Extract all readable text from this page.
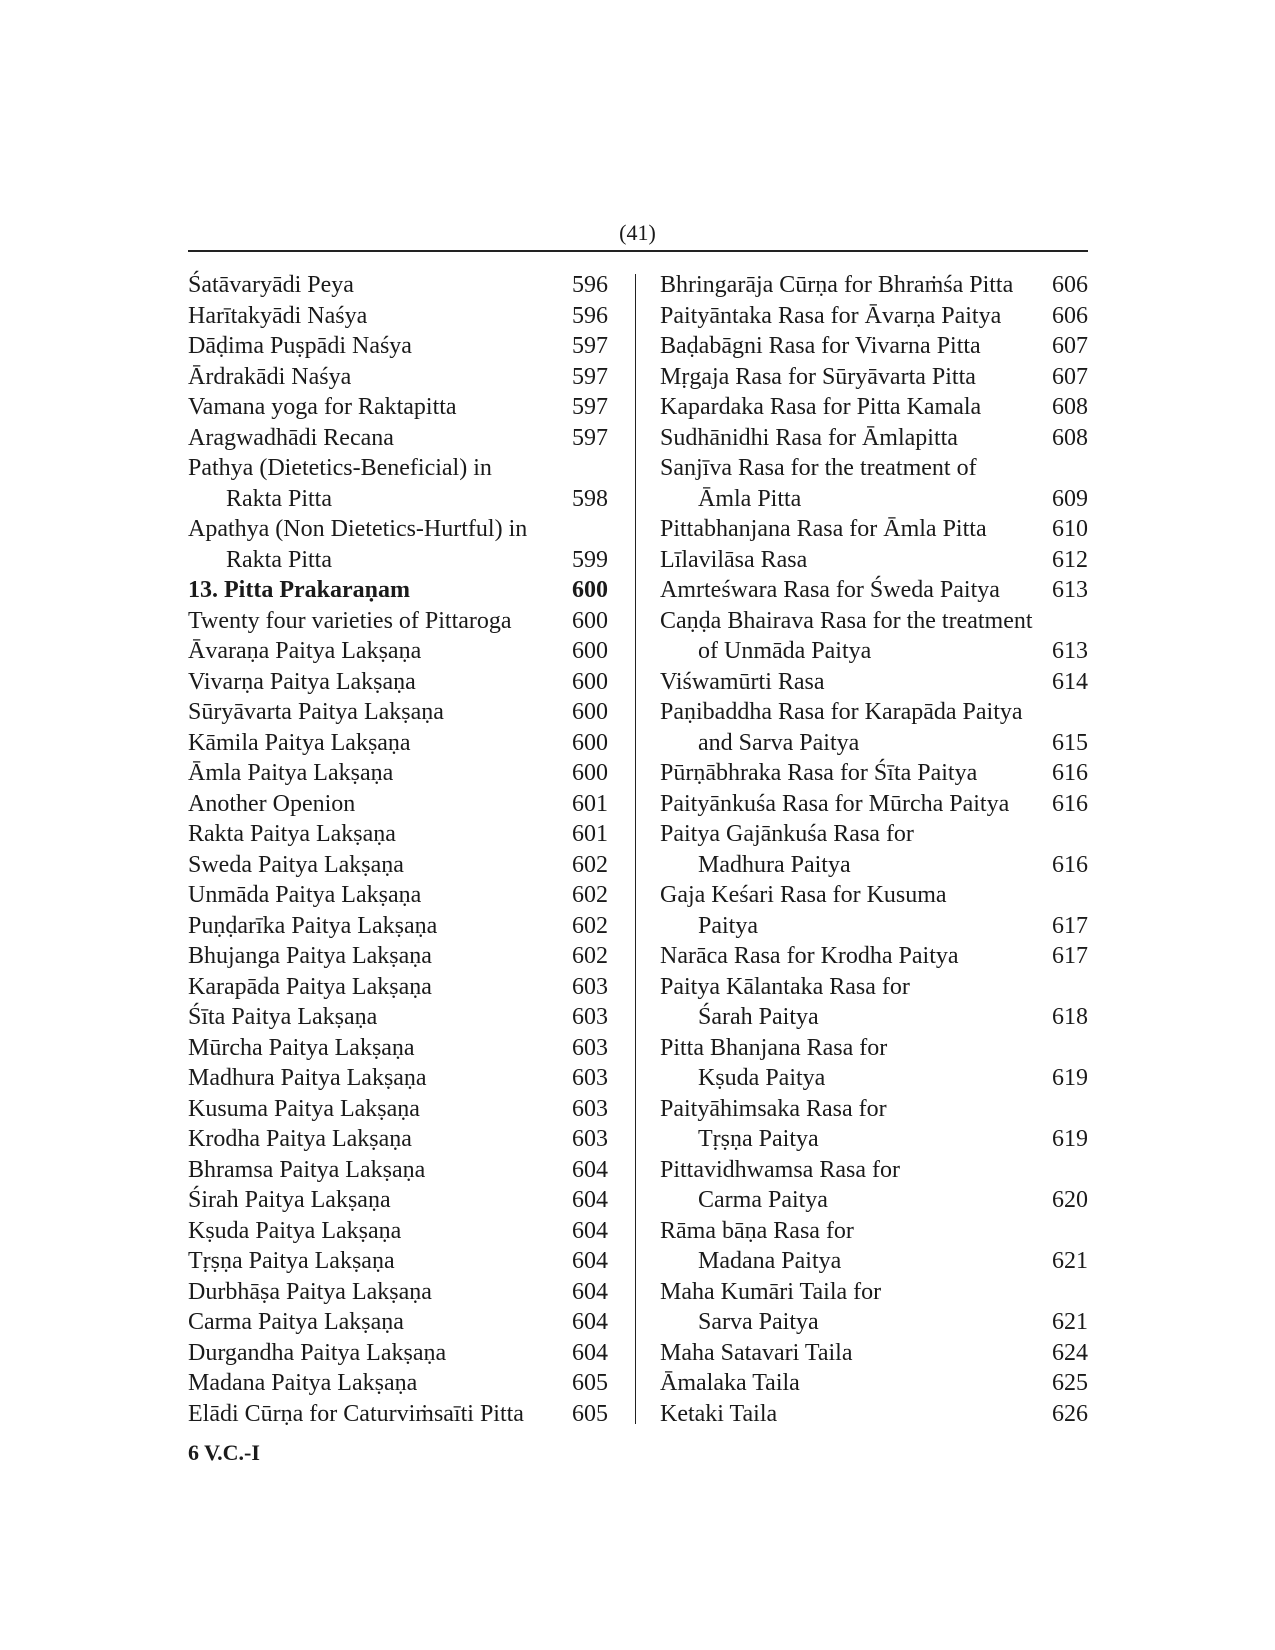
(41)
Śatāvaryādi Peya	596
Harītakyādi Naśya	596
Dāḍima Puṣpādi Naśya	597
Ārdrakādi Naśya	597
Vamana yoga for Raktapitta	597
Aragwadhādi Recana	597
Pathya (Dietetics-Beneficial) in
Rakta Pitta	598
Apathya (Non Dietetics-Hurtful) in
Rakta Pitta	599
13. Pitta Prakaraṇam	600
Twenty four varieties of Pittaroga	600
Āvaraṇa Paitya Lakṣaṇa	600
Vivarṇa Paitya Lakṣaṇa	600
Sūryāvarta Paitya Lakṣaṇa	600
Kāmila Paitya Lakṣaṇa	600
Āmla Paitya Lakṣaṇa	600
Another Openion	601
Rakta Paitya Lakṣaṇa	601
Sweda Paitya Lakṣaṇa	602
Unmāda Paitya Lakṣaṇa	602
Puṇḍarīka Paitya Lakṣaṇa	602
Bhujanga Paitya Lakṣaṇa	602
Karapāda Paitya Lakṣaṇa	603
Śīta Paitya Lakṣaṇa	603
Mūrcha Paitya Lakṣaṇa	603
Madhura Paitya Lakṣaṇa	603
Kusuma Paitya Lakṣaṇa	603
Krodha Paitya Lakṣaṇa	603
Bhramsa Paitya Lakṣaṇa	604
Śirah Paitya Lakṣaṇa	604
Kṣuda Paitya Lakṣaṇa	604
Tṛṣṇa Paitya Lakṣaṇa	604
Durbhāṣa Paitya Lakṣaṇa	604
Carma Paitya Lakṣaṇa	604
Durgandha Paitya Lakṣaṇa	604
Madana Paitya Lakṣaṇa	605
Elādi Cūrṇa for Caturviṁsaīti Pitta	605
Bhringarāja Cūrṇa for Bhraṁśa Pitta	606
Paityāntaka Rasa for Āvarṇa Paitya	606
Baḍabāgni Rasa for Vivarna Pitta	607
Mṛgaja Rasa for Sūryāvarta Pitta	607
Kapardaka Rasa for Pitta Kamala	608
Sudhānidhi Rasa for Āmlapitta	608
Sanjīva Rasa for the treatment of
Āmla Pitta	609
Pittabhanjana Rasa for Āmla Pitta	610
Līlavilāsa Rasa	612
Amrteśwara Rasa for Śweda Paitya	613
Caṇḍa Bhairava Rasa for the treatment
of Unmāda Paitya	613
Viśwamūrti Rasa	614
Paṇibaddha Rasa for Karapāda Paitya
and Sarva Paitya	615
Pūrṇābhraka Rasa for Śīta Paitya	616
Paityānkuśa Rasa for Mūrcha Paitya	616
Paitya Gajānkuśa Rasa for
Madhura Paitya	616
Gaja Keśari Rasa for Kusuma
Paitya	617
Narāca Rasa for Krodha Paitya	617
Paitya Kālantaka Rasa for
Śarah Paitya	618
Pitta Bhanjana Rasa for
Kṣuda Paitya	619
Paityāhimsaka Rasa for
Tṛṣṇa Paitya	619
Pittavidhwamsa Rasa for
Carma Paitya	620
Rāma bāṇa Rasa for
Madana Paitya	621
Maha Kumāri Taila for
Sarva Paitya	621
Maha Satavari Taila	624
Āmalaka Taila	625
Ketaki Taila	626
6 V.C.-I
